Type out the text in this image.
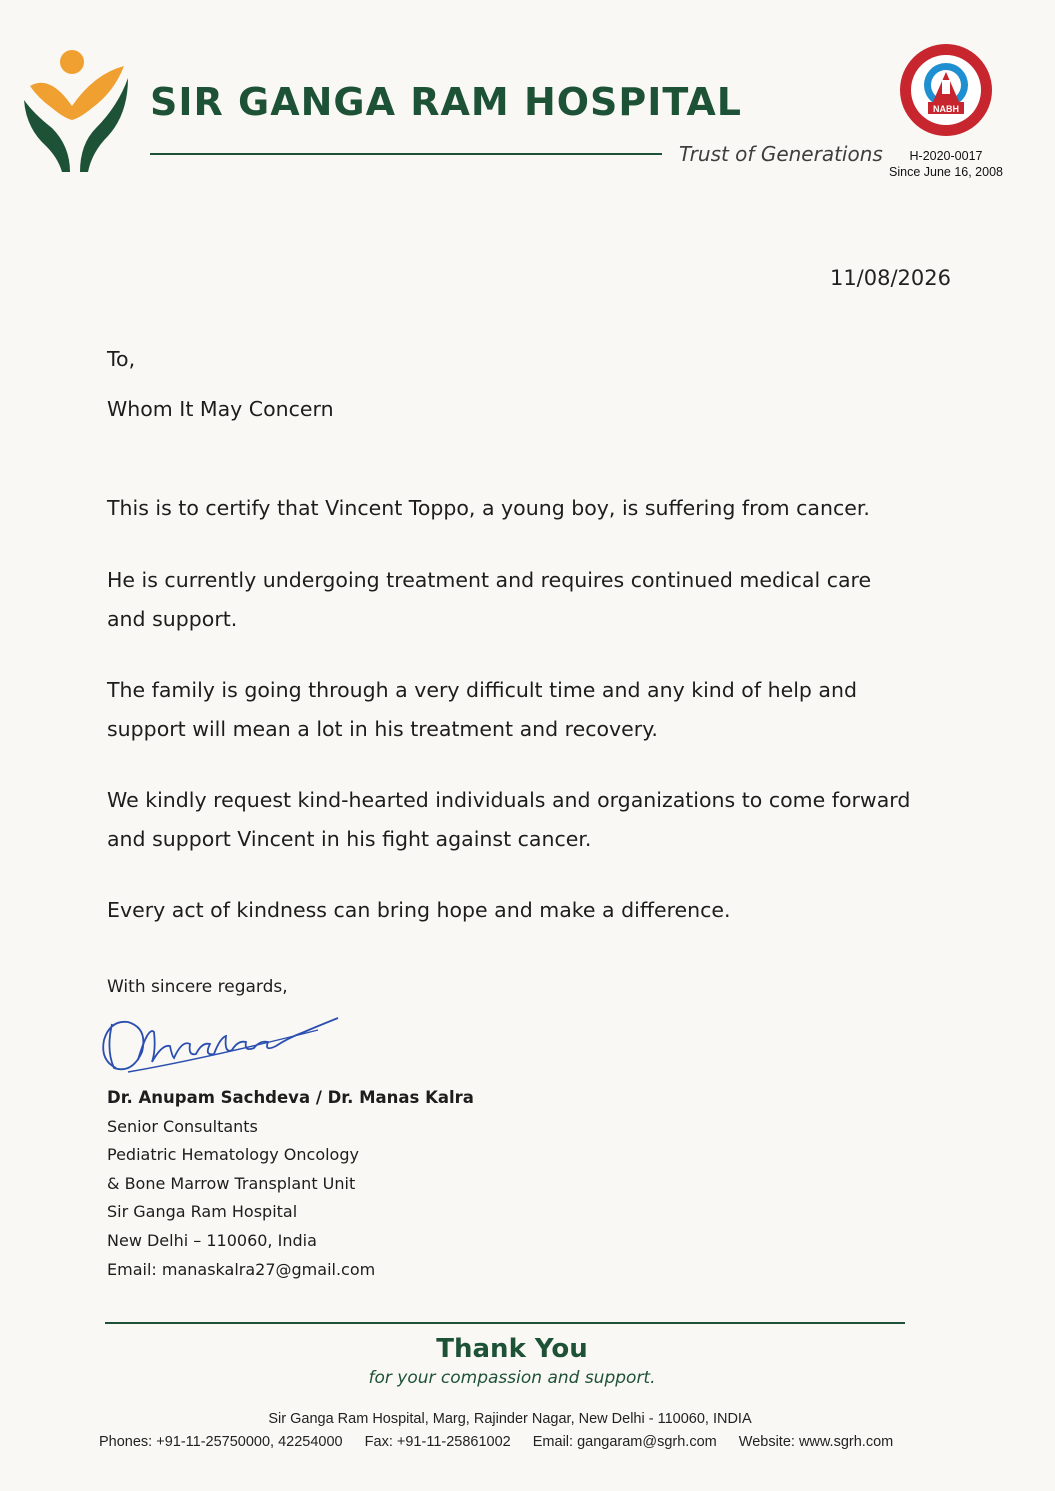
SIR GANGA RAM HOSPITAL
Trust of Generations
NABH
H-2020-0017
Since June 16, 2008
11/08/2026
To,
Whom It May Concern
This is to certify that Vincent Toppo, a young boy, is suffering from cancer.
He is currently undergoing treatment and requires continued medical care and support.
The family is going through a very difficult time and any kind of help and support will mean a lot in his treatment and recovery.
We kindly request kind-hearted individuals and organizations to come forward and support Vincent in his fight against cancer.
Every act of kindness can bring hope and make a difference.
With sincere regards,
Dr. Anupam Sachdeva / Dr. Manas Kalra
Senior Consultants
Pediatric Hematology Oncology
& Bone Marrow Transplant Unit
Sir Ganga Ram Hospital
New Delhi – 110060, India
Email: manaskalra27@gmail.com
Thank You
for your compassion and support.
Sir Ganga Ram Hospital, Marg, Rajinder Nagar, New Delhi - 110060, INDIA
Phones: +91-11-25750000, 42254000 Fax: +91-11-25861002 Email: gangaram@sgrh.com Website: www.sgrh.com
